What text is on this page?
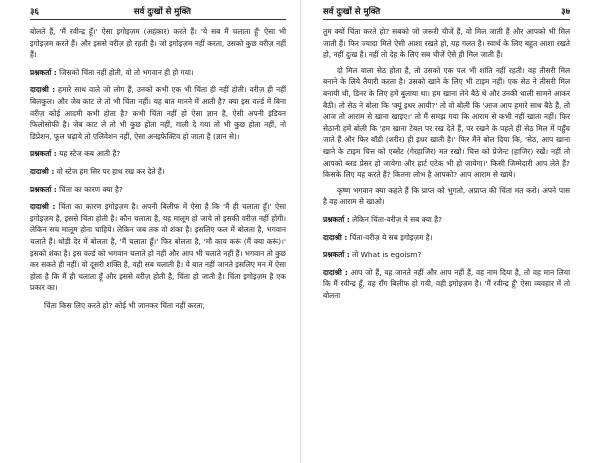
३६	सर्व दुःखों से मुक्ति

बोलते हैं, 'मैं रवीन्द्र हूँ।' ऐसा इगोइज़म (अहंकार) करते हैं। 'ये सब मैं चलाता हूँ' ऐसा भी इगोइज़म करते हैं। और इससे वरीज़ हो रहती है। जो इगोइज़म नहीं करता, उसको कुछ वरीज़ नहीं हैं।

प्रश्नकर्ता : जिसको चिंता नहीं होती, वो तो भगवान ही हो गया।

दादाश्री : हमारे साथ वाले जो लोग हैं, उनको कभी एक भी चिंता ही नहीं होती। वरीज़ ही नहीं बिलकुल। और जेब काट ले तो भी चिंता नहीं। यह बात मानने में आती है? क्या इस वर्ल्ड में बिना वरीज़ कोई आदमी कभी होता है? कभी चिंता नहीं हो ऐसा ज्ञान है, ऐसी अपनी इंडियन फिलोसोफी है। जेब काट ले तो भी कुछ होता नहीं, गाली दे गया तो भी कुछ होता नहीं, नो डिप्रेशन, फूल चढ़ाये तो एलिवेशन नहीं, ऐसा अनइफेक्टिव हो जाता है (ज्ञान से)।

प्रश्नकर्ता : यह स्टेज कब आती है?

दादाश्री : वो स्टेज हम सिर पर हाथ रख कर देते हैं।

प्रश्नकर्ता : चिंता का कारण क्या है?

दादाश्री : चिंता का कारण इगोइज़म है। अपनी बिलीफ में ऐसा है कि 'मैं ही चलाता हूँ।' ऐसा इगोइज़म है, इससे चिंता होती है। कौन चलाता है, यह मालूम हो जाये तो इसकी वरीज़ नहीं होगी। लेकिन सच मालूम होना चाहिये। लेकिन जब तक वो शंका है। इसलिए फल में बोलता है, भगवान चलाते हैं। थोड़ी देर में बोलता है, 'मैं चलाता हूँ।' फिर बोलता है, 'मौ काय करूं (मैं क्या करूं)।' इसको शंका है। इस वर्ल्ड को भगवान चलाते हो नहीं और आप भी चलाते नहीं हैं। भगवान तो कुछ कर सकते ही नहीं। वो दूसरी शक्ति है, वही सब चलाती है। ये बात नहीं जानते इसलिए मन में ऐसा होता है कि मैं ही चलाता हूँ और इससे वरीज़ होती है, चिंता हो जाती है। चिंता इगोइज़म है एक प्रकार का।

चिंता किस लिए करते हो? कोई भी जानकर चिंता नहीं करता,

सर्व दुःखों से मुक्ति	३७

तुम क्यों चिंता करते हो? सबको जो जरूरी चीजें हैं, वो मिल जाती हैं और आपको भी मिल जाती हैं। फिर ज्यादा मिले ऐसी आशा रखते हो, यह गलत है। स्वार्थ के लिए बहुत आशा रखते हो, नहीं दुःख है। नहीं तो देह के लिए सब चीजें ऐसे ही मिल जाती हैं।

दो मिल वाला सेठ होता है, तो उसको एक पल भी शांति नहीं रहती। वह तीसरी मिल बनाने के लिये तैयारी करता है। उसको खाने के लिए भी टाइम नहीं। एक सेठ ने तीसरी मिल बनायी थी, डिनर के लिए हमें बुलाया था। हम खाना लेने बैठे थे और उनकी थाली सामने आकर बैठी। तो सेठ ने बोला कि 'क्यूं इधर आयी?' तो वो बोली कि 'आज आप हमारे साथ बैठे हैं, तो आज तो आराम से खाना खाइए।' तो मैं समझ गया कि आराम से कभी नहीं खाता नहीं। फिर सेठानी हमें बोली कि 'हम खाना टेबल पर रख देते हैं, पर रखने के पहले ही सेठ मिल में पहुँच जाते हैं और फिर बॉडी (शरीर) ही इधर खाती है।' फिर मैंने बोल दिया कि, 'सेठ, आप खाना खाने के टाइम चित्त को एब्सेंट (गेरहाजिर) मत रखो। चित्त को प्रेजेन्ट (हाजिर) रखें। नहीं तो आपको ब्लड प्रेसर हो जायेगा और हार्ट एटेक भी हो जायेगा।' किसी जिम्मेदारी आप लेते हैं? किसके लिए यह करते हैं? कितना लोभ है आपको? आप आराम से खाये।

कृष्ण भगवान क्या कहते हैं कि प्राप्त को भुगतो, अप्राप्त की चिंता मत करो। अपने पास है वह आराम से खाओ।

प्रश्नकर्ता : लेकिन चिंता-वरीज़ ये सब क्या है?

दादाश्री : चिंता-वरीज़ ये सब इगोइज़म है।

प्रश्नकर्ता : तो What is egoism?

दादाश्री : आप जो हैं, वह जानते नहीं और आप नहीं हैं, वह नाम दिया है, तो वह मान लिया कि मैं रवीन्द्र हूँ, वह रॉंग बिलीफ हो गयी, वही इगोइज़म है। 'मैं रवीन्द्र हूँ' ऐसा व्यवहार में तो बोलना
